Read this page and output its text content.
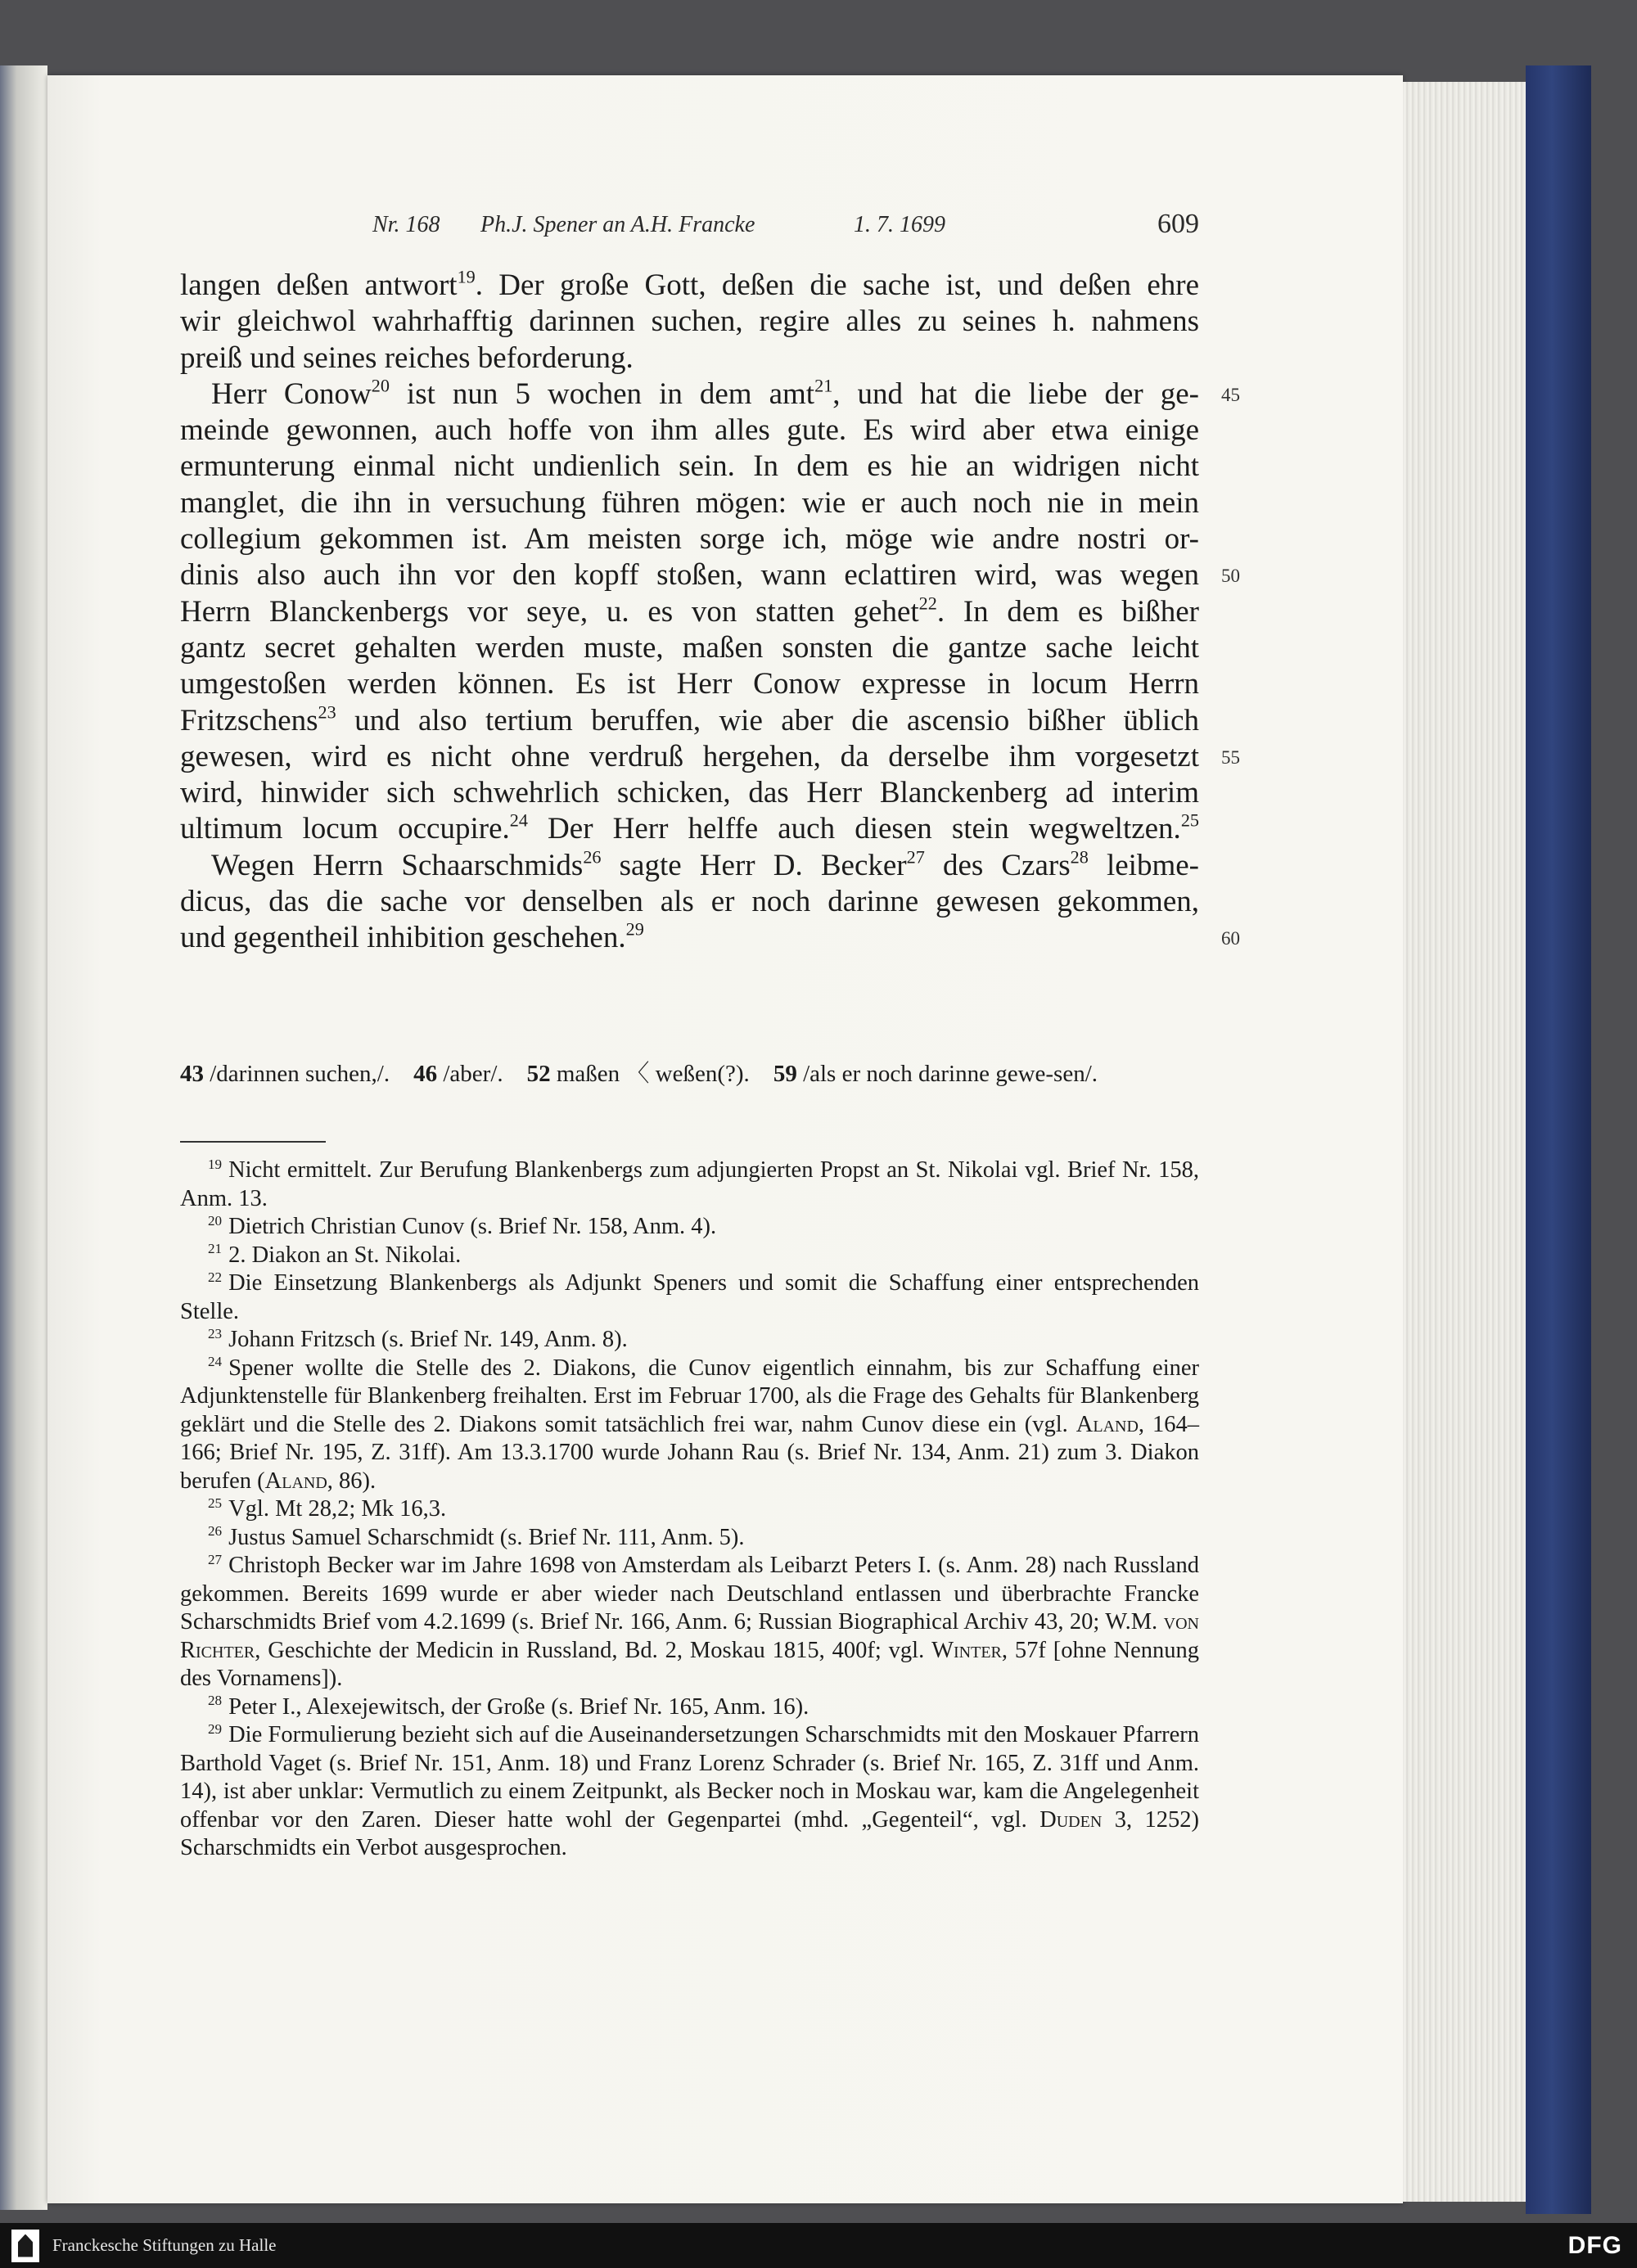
Nr. 168 Ph.J. Spener an A.H. Francke	1. 7. 1699	609
langen deßen antwort$^{19}$. Der große Gott, deßen die sache ist, und deßen ehre
wir gleichwol wahrhafftig darinnen suchen, regire alles zu seines h. nahmens
preiß und seines reiches beforderung.
Herr Conow$^{20}$ ist nun 5 wochen in dem amt$^{21}$, und hat die liebe der ge-
meinde gewonnen, auch hoffe von ihm alles gute. Es wird aber etwa einige
ermunterung einmal nicht undienlich sein. In dem es hie an widrigen nicht
manglet, die ihn in versuchung führen mögen: wie er auch noch nie in mein
collegium gekommen ist. Am meisten sorge ich, möge wie andre nostri or-
dinis also auch ihn vor den kopff stoßen, wann eclattiren wird, was wegen
Herrn Blanckenbergs vor seye, u. es von statten gehet$^{22}$. In dem es bißher
gantz secret gehalten werden muste, maßen sonsten die gantze sache leicht
umgestoßen werden können. Es ist Herr Conow expresse in locum Herrn
Fritzschens$^{23}$ und also tertium beruffen, wie aber die ascensio bißher üblich
gewesen, wird es nicht ohne verdruß hergehen, da derselbe ihm vorgesetzt
wird, hinwider sich schwehrlich schicken, das Herr Blanckenberg ad interim
ultimum locum occupire.$^{24}$ Der Herr helffe auch diesen stein wegweltzen.$^{25}$
Wegen Herrn Schaarschmids$^{26}$ sagte Herr D. Becker$^{27}$ des Czars$^{28}$ leibme-
dicus, das die sache vor denselben als er noch darinne gewesen gekommen,
und gegentheil inhibition geschehen.$^{29}$
45
50
55
60
43 /darinnen suchen,/. 46 /aber/. 52 maßen 〈 weßen(?). 59 /als er noch darinne gewe-sen/.
$^{19}$ Nicht ermittelt. Zur Berufung Blankenbergs zum adjungierten Propst an St. Nikolai vgl. Brief Nr. 158, Anm. 13.
$^{20}$ Dietrich Christian Cunov (s. Brief Nr. 158, Anm. 4).
$^{21}$ 2. Diakon an St. Nikolai.
$^{22}$ Die Einsetzung Blankenbergs als Adjunkt Speners und somit die Schaffung einer entsprechenden Stelle.
$^{23}$ Johann Fritzsch (s. Brief Nr. 149, Anm. 8).
$^{24}$ Spener wollte die Stelle des 2. Diakons, die Cunov eigentlich einnahm, bis zur Schaffung einer Adjunktenstelle für Blankenberg freihalten. Erst im Februar 1700, als die Frage des Gehalts für Blankenberg geklärt und die Stelle des 2. Diakons somit tatsächlich frei war, nahm Cunov diese ein (vgl. Aland, 164–166; Brief Nr. 195, Z. 31ff). Am 13.3.1700 wurde Johann Rau (s. Brief Nr. 134, Anm. 21) zum 3. Diakon berufen (Aland, 86).
$^{25}$ Vgl. Mt 28,2; Mk 16,3.
$^{26}$ Justus Samuel Scharschmidt (s. Brief Nr. 111, Anm. 5).
$^{27}$ Christoph Becker war im Jahre 1698 von Amsterdam als Leibarzt Peters I. (s. Anm. 28) nach Russland gekommen. Bereits 1699 wurde er aber wieder nach Deutschland entlassen und überbrachte Francke Scharschmidts Brief vom 4.2.1699 (s. Brief Nr. 166, Anm. 6; Russian Biographical Archiv 43, 20; W.M. von Richter, Geschichte der Medicin in Russland, Bd. 2, Moskau 1815, 400f; vgl. Winter, 57f [ohne Nennung des Vornamens]).
$^{28}$ Peter I., Alexejewitsch, der Große (s. Brief Nr. 165, Anm. 16).
$^{29}$ Die Formulierung bezieht sich auf die Auseinandersetzungen Scharschmidts mit den Moskauer Pfarrern Barthold Vaget (s. Brief Nr. 151, Anm. 18) und Franz Lorenz Schrader (s. Brief Nr. 165, Z. 31ff und Anm. 14), ist aber unklar: Vermutlich zu einem Zeitpunkt, als Becker noch in Moskau war, kam die Angelegenheit offenbar vor den Zaren. Dieser hatte wohl der Gegenpartei (mhd. „Gegenteil“, vgl. Duden 3, 1252) Scharschmidts ein Verbot ausgesprochen.
Franckesche Stiftungen zu Halle	DFG
